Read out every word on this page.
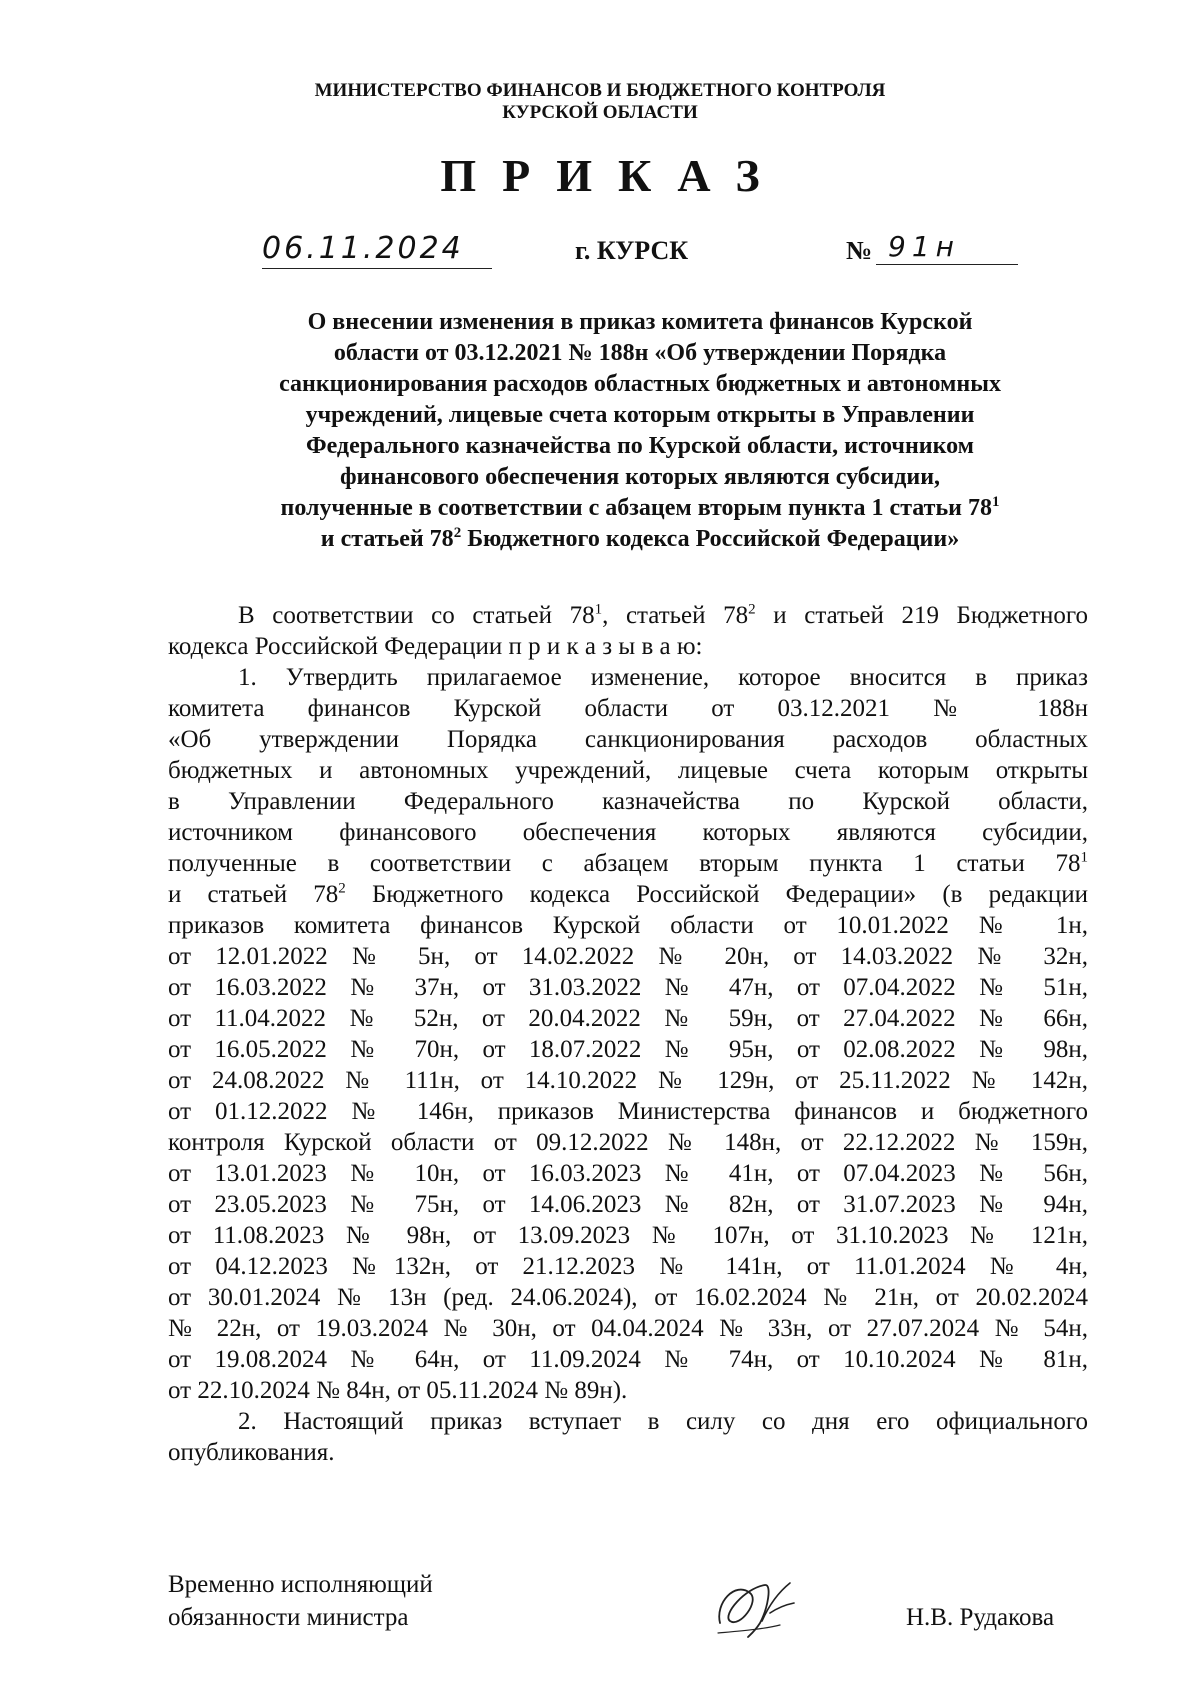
МИНИСТЕРСТВО ФИНАНСОВ И БЮДЖЕТНОГО КОНТРОЛЯ
КУРСКОЙ ОБЛАСТИ
ПРИКАЗ
06.11.2024	г. КУРСК	№ 91н
О внесении изменения в приказ комитета финансов Курской
области от 03.12.2021 № 188н «Об утверждении Порядка
санкционирования расходов областных бюджетных и автономных
учреждений, лицевые счета которым открыты в Управлении
Федерального казначейства по Курской области, источником
финансового обеспечения которых являются субсидии,
полученные в соответствии с абзацем вторым пункта 1 статьи $78^1$
и статьей $78^2$ Бюджетного кодекса Российской Федерации»
В соответствии со статьей $78^1$, статьей $78^2$ и статьей 219 Бюджетного
кодекса Российской Федерации п р и к а з ы в а ю:
1. Утвердить прилагаемое изменение, которое вносится в приказ
комитета финансов Курской области от 03.12.2021 № 188н
«Об утверждении Порядка санкционирования расходов областных
бюджетных и автономных учреждений, лицевые счета которым открыты
в Управлении Федерального казначейства по Курской области,
источником финансового обеспечения которых являются субсидии,
полученные в соответствии с абзацем вторым пункта 1 статьи $78^1$
и статьей $78^2$ Бюджетного кодекса Российской Федерации» (в редакции
приказов комитета финансов Курской области от 10.01.2022 № 1н,
от 12.01.2022 № 5н, от 14.02.2022 № 20н, от 14.03.2022 № 32н,
от 16.03.2022 № 37н, от 31.03.2022 № 47н, от 07.04.2022 № 51н,
от 11.04.2022 № 52н, от 20.04.2022 № 59н, от 27.04.2022 № 66н,
от 16.05.2022 № 70н, от 18.07.2022 № 95н, от 02.08.2022 № 98н,
от 24.08.2022 № 111н, от 14.10.2022 № 129н, от 25.11.2022 № 142н,
от 01.12.2022 № 146н, приказов Министерства финансов и бюджетного
контроля Курской области от 09.12.2022 № 148н, от 22.12.2022 № 159н,
от 13.01.2023 № 10н, от 16.03.2023 № 41н, от 07.04.2023 № 56н,
от 23.05.2023 № 75н, от 14.06.2023 № 82н, от 31.07.2023 № 94н,
от 11.08.2023 № 98н, от 13.09.2023 № 107н, от 31.10.2023 № 121н,
от 04.12.2023 №132н, от 21.12.2023 № 141н, от 11.01.2024 № 4н,
от 30.01.2024 № 13н (ред. 24.06.2024), от 16.02.2024 № 21н, от 20.02.2024
№ 22н, от 19.03.2024 № 30н, от 04.04.2024 № 33н, от 27.07.2024 № 54н,
от 19.08.2024 № 64н, от 11.09.2024 № 74н, от 10.10.2024 № 81н,
от 22.10.2024 № 84н, от 05.11.2024 № 89н).
2. Настоящий приказ вступает в силу со дня его официального
опубликования.
Временно исполняющий
обязанности министра	Н.В. Рудакова
